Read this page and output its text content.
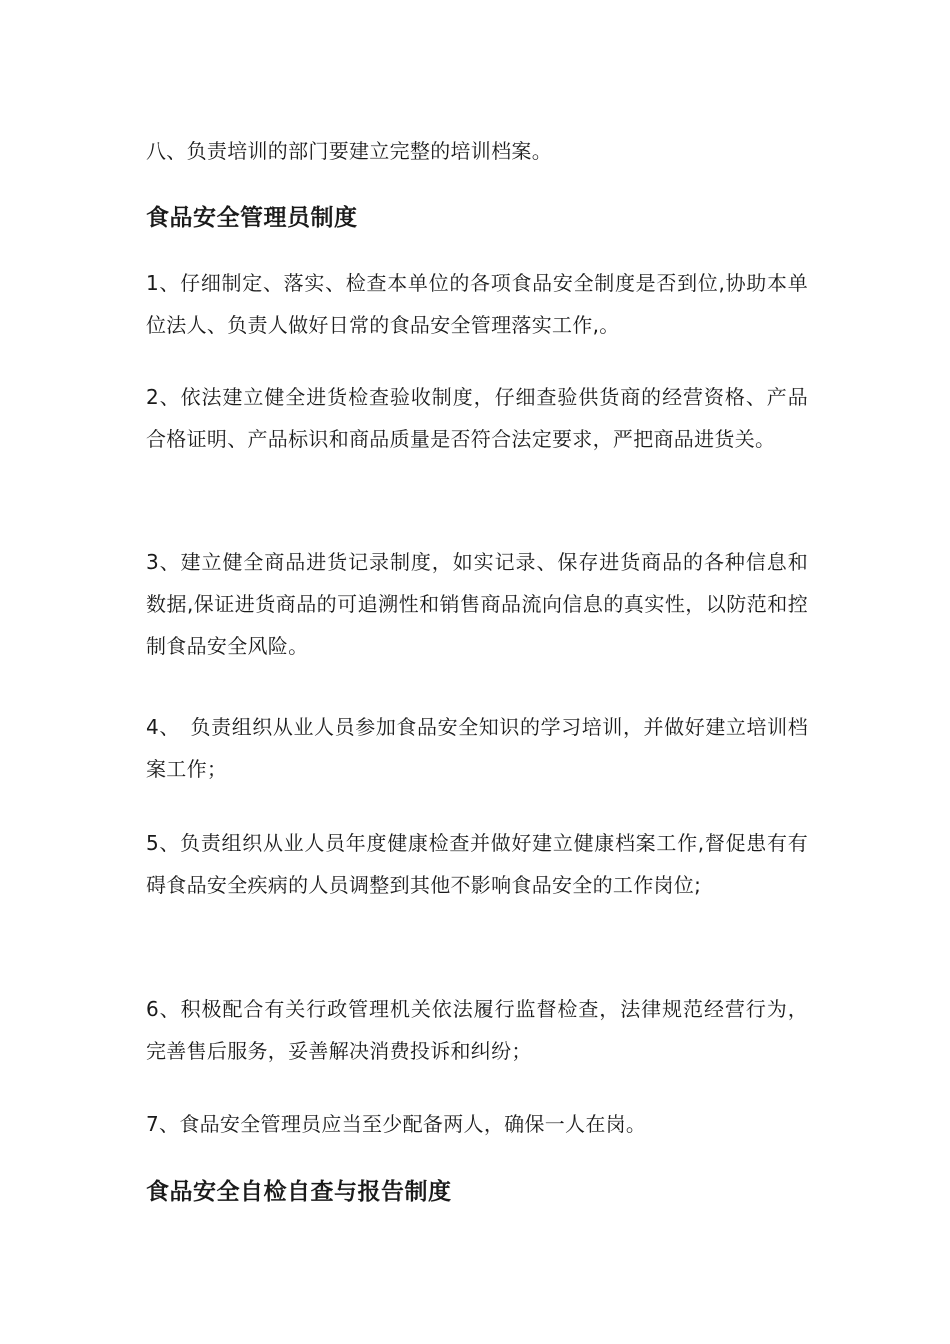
八、负责培训的部门要建立完整的培训档案。

食品安全管理员制度

1、仔细制定、落实、检查本单位的各项食品安全制度是否到位,协助本单位法人、负责人做好日常的食品安全管理落实工作,。

2、依法建立健全进货检查验收制度，仔细查验供货商的经营资格、产品合格证明、产品标识和商品质量是否符合法定要求，严把商品进货关。

3、建立健全商品进货记录制度，如实记录、保存进货商品的各种信息和数据,保证进货商品的可追溯性和销售商品流向信息的真实性，以防范和控制食品安全风险。

4、　负责组织从业人员参加食品安全知识的学习培训，并做好建立培训档案工作；

5、负责组织从业人员年度健康检查并做好建立健康档案工作,督促患有有碍食品安全疾病的人员调整到其他不影响食品安全的工作岗位;

6、积极配合有关行政管理机关依法履行监督检查，法律规范经营行为，完善售后服务，妥善解决消费投诉和纠纷；

7、食品安全管理员应当至少配备两人，确保一人在岗。

食品安全自检自查与报告制度
